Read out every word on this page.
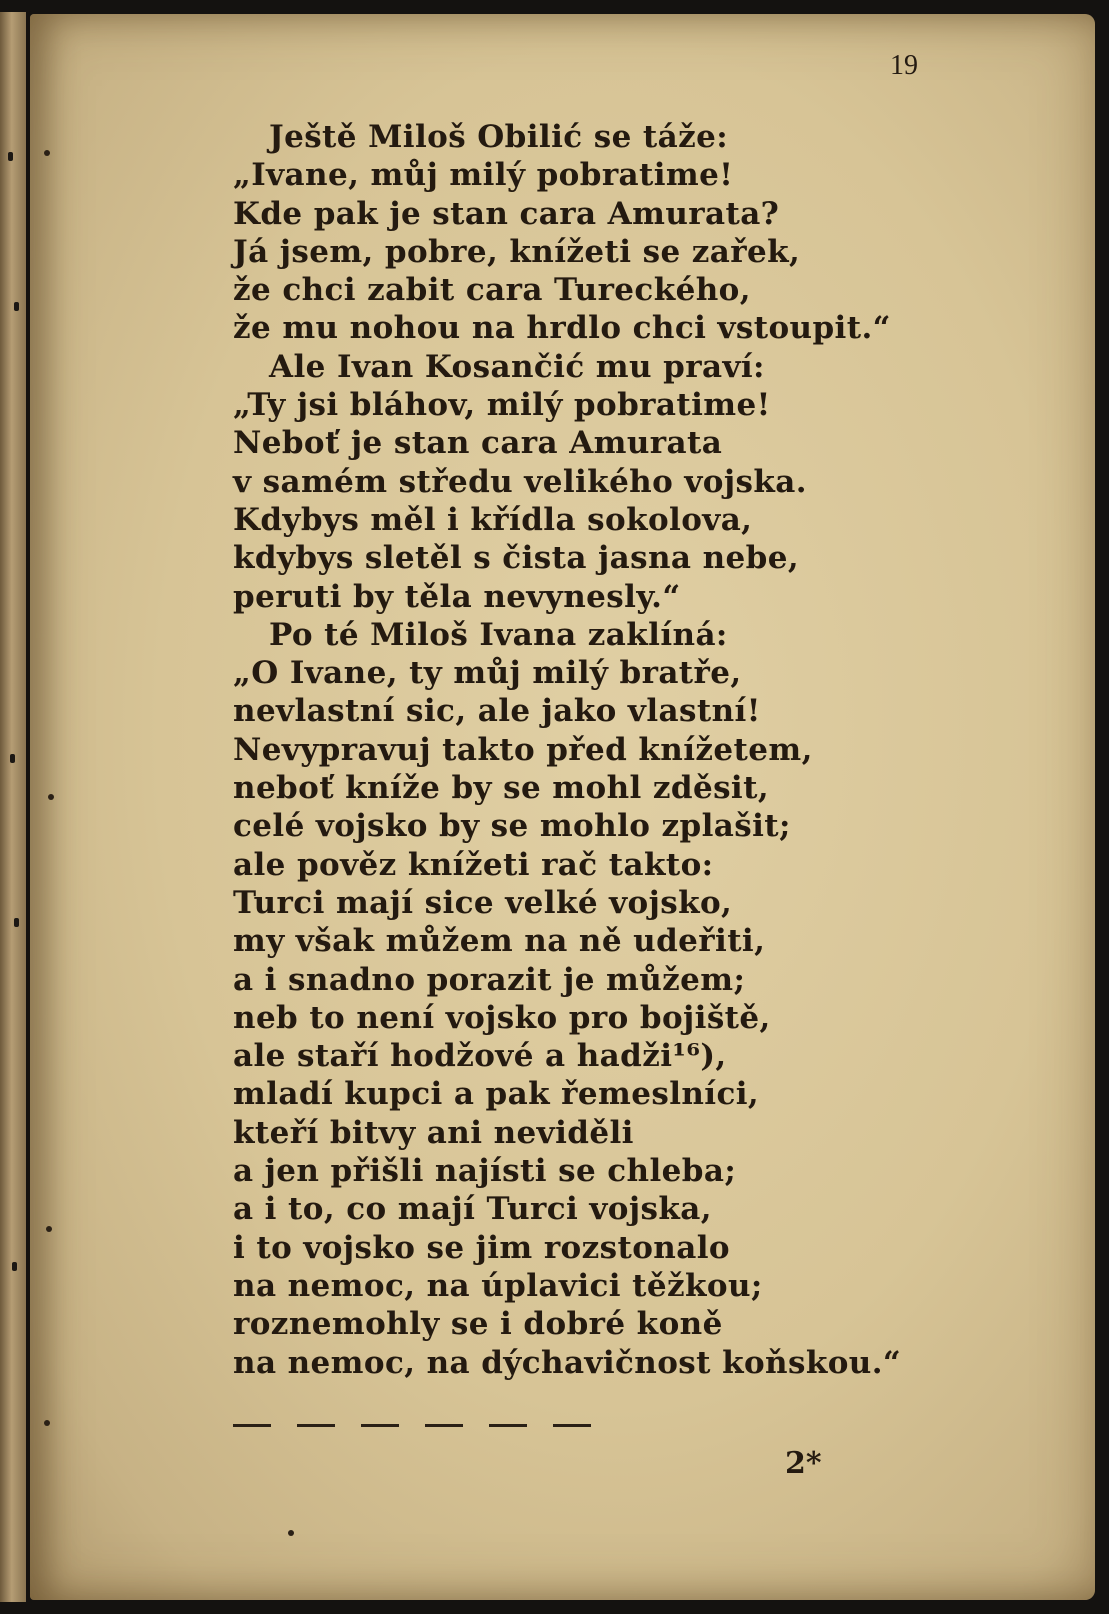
19

Ještě Miloš Obilić se táže:
„Ivane, můj milý pobratime!
Kde pak je stan cara Amurata?
Já jsem, pobre, knížeti se zařek,
že chci zabit cara Tureckého,
že mu nohou na hrdlo chci vstoupit.“
Ale Ivan Kosančić mu praví:
„Ty jsi bláhov, milý pobratime!
Neboť je stan cara Amurata
v samém středu velikého vojska.
Kdybys měl i křídla sokolova,
kdybys sletěl s čista jasna nebe,
peruti by těla nevynesly.“
Po té Miloš Ivana zaklíná:
„O Ivane, ty můj milý bratře,
nevlastní sic, ale jako vlastní!
Nevypravuj takto před knížetem,
neboť kníže by se mohl zděsit,
celé vojsko by se mohlo zplašit;
ale pověz knížeti rač takto:
Turci mají sice velké vojsko,
my však můžem na ně udeřiti,
a i snadno porazit je můžem;
neb to není vojsko pro bojiště,
ale staří hodžové a hadži¹⁶),
mladí kupci a pak řemeslníci,
kteří bitvy ani neviděli
a jen přišli najísti se chleba;
a i to, co mají Turci vojska,
i to vojsko se jim rozstonalo
na nemoc, na úplavici těžkou;
roznemohly se i dobré koně
na nemoc, na dýchavičnost koňskou.“

2*
